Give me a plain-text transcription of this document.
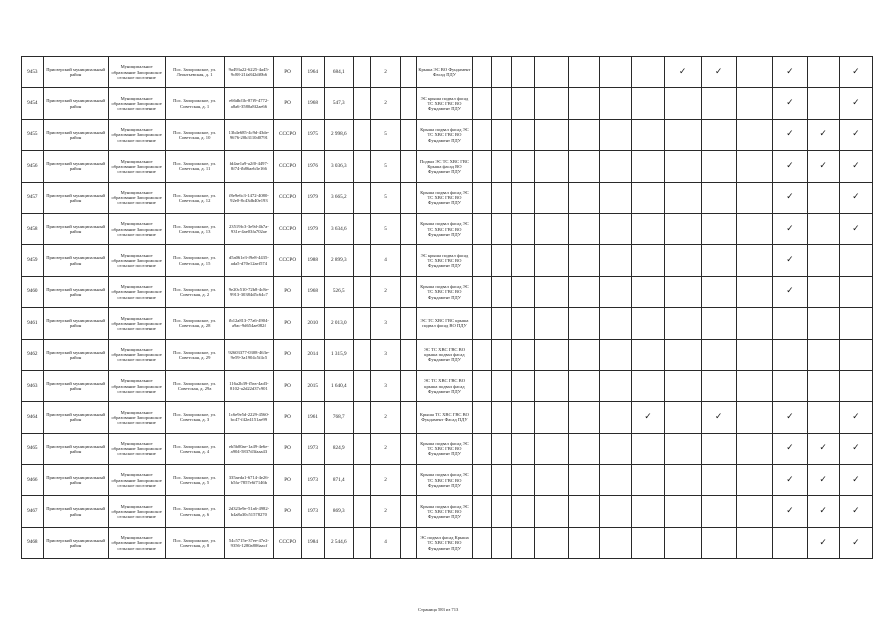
9453	Приозерский муниципальный район	Муниципальное образование Запорожское сельское поселение	Пос. Запорожское, ул. Леонтьевская, д. 1	9a493a22-6225-4a45-9c88-21fa842df0b6	РО	1964	684,1		2		Крыша ЭС ВО Фундамент Фасад ПДУ								✓	✓		✓		✓
9454	Приозерский муниципальный район	Муниципальное образование Запорожское сельское поселение	Пос. Запорожское, ул. Советская, д. 1	e66dbf1b-87f9-4772-a8a6-3580a8f2ae66	РО	1968	547,3		2		ЭС крыша подвал фасад ТС ХВС ГВС ВО Фундамент ПДУ											✓		✓
9455	Приозерский муниципальный район	Муниципальное образование Запорожское сельское поселение	Пос. Запорожское, ул. Советская, д. 10	13b4e685-4c9d-43de-9676-20b3110d0791	СССРО	1975	2 998,6		5		Крыша подвал фасад ЭС ТС ХВС ГВС ВО Фундамент ПДУ											✓	✓	✓
9456	Приозерский муниципальный район	Муниципальное образование Запорожское сельское поселение	Пос. Запорожское, ул. Советская, д. 11	fd4ae1a9-a2f0-4497-8f74-fb86aeb3e166	СССРО	1976	3 036,3		5		Подвал ЭС ТС ХВС ГВС Крыша фасад ВО Фундамент ПДУ											✓	✓	✓
9457	Приозерский муниципальный район	Муниципальное образование Запорожское сельское поселение	Пос. Запорожское, ул. Советская, д. 12	f8e9e6c3-1472-4080-92e0-8c43db40e193	СССРО	1979	3 665,2		5		Крыша подвал фасад ЭС ТС ХВС ГВС ВО Фундамент ПДУ											✓		✓
9458	Приозерский муниципальный район	Муниципальное образование Запорожское сельское поселение	Пос. Запорожское, ул. Советская, д. 13	23519fc3-3e9d-4b7a-931e-4ae03fa702ae	СССРО	1979	3 634,6		5		Крыша подвал фасад ЭС ТС ХВС ГВС ВО Фундамент ПДУ											✓		✓
9459	Приозерский муниципальный район	Муниципальное образование Запорожское сельское поселение	Пос. Запорожское, ул. Советская, д. 15	d5a061e3-f9e8-4435-ada5-d70e12aef574	СССРО	1988	2 899,3		4		ЭС крыша подвал фасад ТС ХВС ГВС ВО Фундамент ПДУ											✓		
9460	Приозерский муниципальный район	Муниципальное образование Запорожское сельское поселение	Пос. Запорожское, ул. Советская, д. 2	9e20c510-72b8-4c8e-9913-30384d5c64c7	РО	1968	526,5		2		Крыша подвал фасад ЭС ТС ХВС ГВС ВО Фундамент ПДУ											✓		
9461	Приозерский муниципальный район	Муниципальное образование Запорожское сельское поселение	Пос. Запорожское, ул. Советская, д. 28	fb12a813-77a6-4904-a9ac-9d654ae082f	РО	2010	2 013,0		3		ЭС ТС ХВС ГВС крыша подвал фасад ВО ПДУ													
9462	Приозерский муниципальный район	Муниципальное образование Запорожское сельское поселение	Пос. Запорожское, ул. Советская, д. 29	92603377-0308-463e-9e59-3a1904c5f4c5	РО	2014	1 315,9		3		ЭС ТС ХВС ГВС ВО крыша подвал фасад Фундамент ПДУ													
9463	Приозерский муниципальный район	Муниципальное образование Запорожское сельское поселение	Пос. Запорожское, ул. Советская, д. 29а	116a2b39-f5ea-4ad3-8102-a2d22d37c901	РО	2015	1 640,4		3		ЭС ТС ХВС ГВС ВО крыша подвал фасад Фундамент ПДУ													
9464	Приозерский муниципальный район	Муниципальное образование Запорожское сельское поселение	Пос. Запорожское, ул. Советская, д. 3	1c6e9e5d-2229-4560-bc47-f42e4151ae99	РО	1961	768,7		2		Крыша ТС ХВС ГВС ВО Фундамент Фасад ПДУ							✓		✓		✓		✓
9465	Приозерский муниципальный район	Муниципальное образование Запорожское сельское поселение	Пос. Запорожское, ул. Советская, д. 4	eb5b00ae-1a49-4e6e-a904-5837d3faaa43	РО	1973	824,9		2		Крыша подвал фасад ЭС ТС ХВС ГВС ВО Фундамент ПДУ											✓	✓	✓
9466	Приозерский муниципальный район	Муниципальное образование Запорожское сельское поселение	Пос. Запорожское, ул. Советская, д. 5	335aeda1-6714-4e26-b5fa-7857e6f7146b	РО	1973	871,4		2		Крыша подвал фасад ЭС ТС ХВС ГВС ВО Фундамент ПДУ											✓	✓	✓
9467	Приозерский муниципальный район	Муниципальное образование Запорожское сельское поселение	Пос. Запорожское, ул. Советская, д. 6	2d323e9e-51a6-4982-b4a8a30c51578270	РО	1973	869,3		2		Крыша подвал фасад ЭС ТС ХВС ГВС ВО Фундамент ПДУ											✓	✓	✓
9468	Приозерский муниципальный район	Муниципальное образование Запорожское сельское поселение	Пос. Запорожское, ул. Советская, д. 8	54c5715e-37ee-47e2-9356-1280a806aacf	СССРО	1984	2 544,6		4		ЭС подвал фасад Крыша ТС ХВС ГВС ВО Фундамент ПДУ												✓	✓
Страница 583 из 713
